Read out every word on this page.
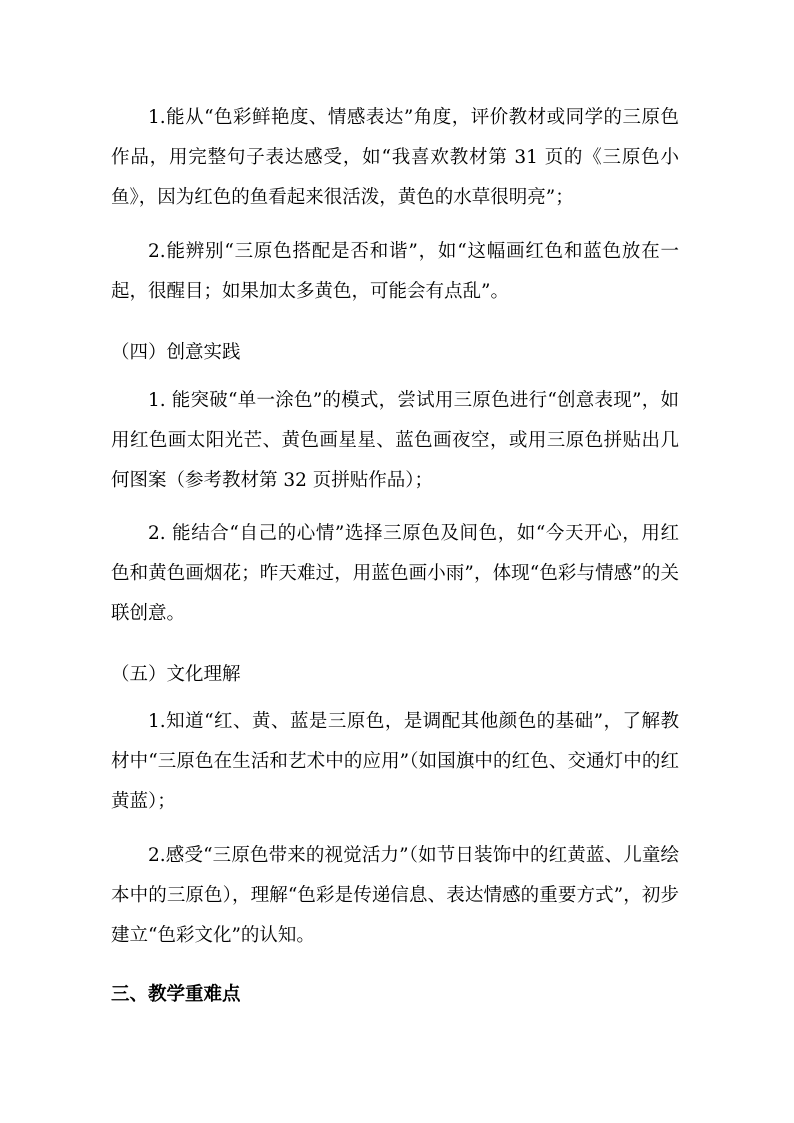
1.能从“色彩鲜艳度、情感表达”角度，评价教材或同学的三原色作品，用完整句子表达感受，如“我喜欢教材第 31 页的《三原色小鱼》，因为红色的鱼看起来很活泼，黄色的水草很明亮”；

2.能辨别“三原色搭配是否和谐”，如“这幅画红色和蓝色放在一起，很醒目；如果加太多黄色，可能会有点乱”。

（四）创意实践

1. 能突破“单一涂色”的模式，尝试用三原色进行“创意表现”，如用红色画太阳光芒、黄色画星星、蓝色画夜空，或用三原色拼贴出几何图案（参考教材第 32 页拼贴作品）；

2. 能结合“自己的心情”选择三原色及间色，如“今天开心，用红色和黄色画烟花；昨天难过，用蓝色画小雨”，体现“色彩与情感”的关联创意。

（五）文化理解

1.知道“红、黄、蓝是三原色，是调配其他颜色的基础”，了解教材中“三原色在生活和艺术中的应用”（如国旗中的红色、交通灯中的红黄蓝）；

2.感受“三原色带来的视觉活力”（如节日装饰中的红黄蓝、儿童绘本中的三原色），理解“色彩是传递信息、表达情感的重要方式”，初步建立“色彩文化”的认知。

三、教学重难点
